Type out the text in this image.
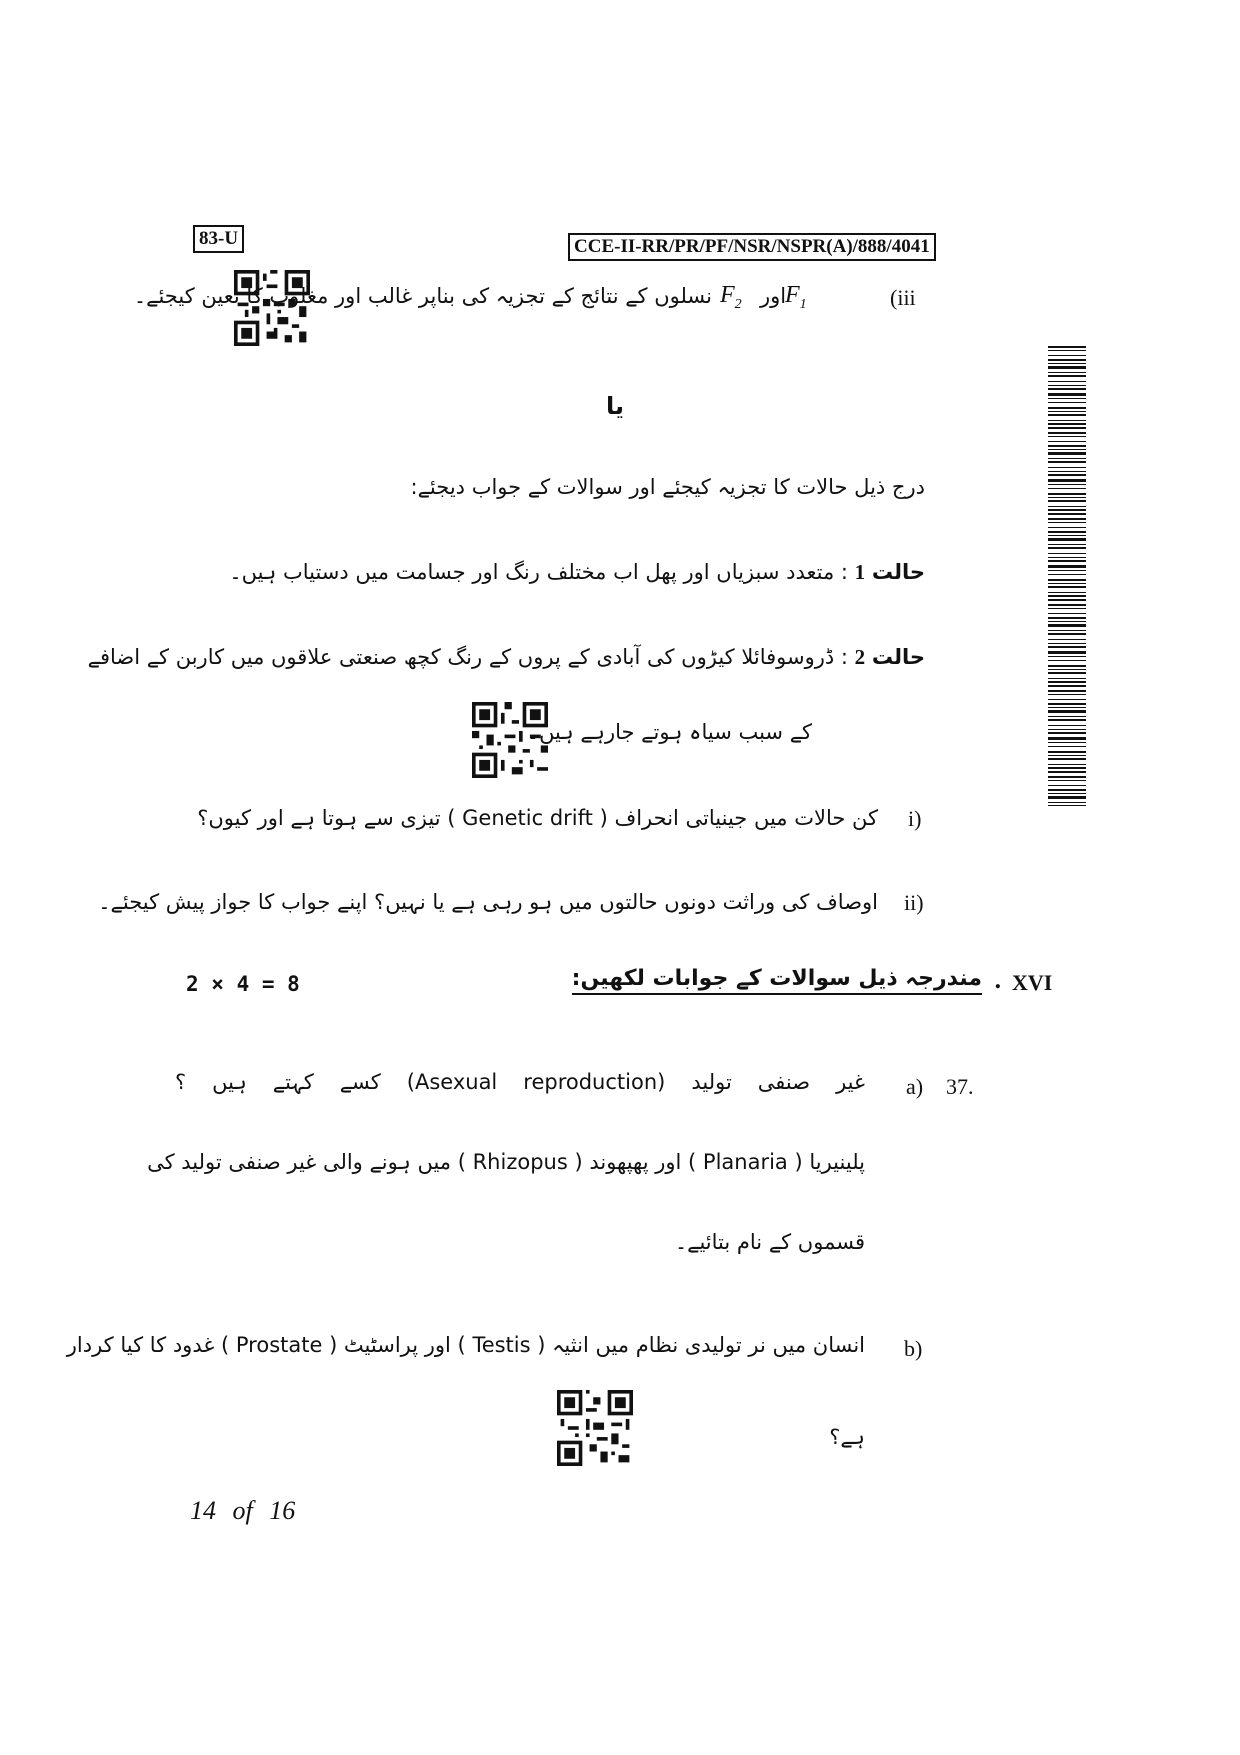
83-U	CCE-II-RR/PR/PF/NSR/NSPR(A)/888/4041
(iii
$F_1$
اور
$F_2$
نسلوں کے نتائج کے تجزیہ کی بناپر غالب اور مغلوب کا تعین کیجئے۔
یا
درج ذیل حالات کا تجزیہ کیجئے اور سوالات کے جواب دیجئے:
حالت 1 : متعدد سبزیاں اور پھل اب مختلف رنگ اور جسامت میں دستیاب ہیں۔
حالت 2 : ڈروسوفائلا کیڑوں کی آبادی کے پروں کے رنگ کچھ صنعتی علاقوں میں کاربن کے اضافے
کے سبب سیاہ ہوتے جارہے ہیں۔
i)
کن حالات میں جینیاتی انحراف ( Genetic drift ) تیزی سے ہوتا ہے اور کیوں؟
ii)
اوصاف کی وراثت دونوں حالتوں میں ہو رہی ہے یا نہیں؟ اپنے جواب کا جواز پیش کیجئے۔
2 × 4 = 8	XVI
.
مندرجہ ذیل سوالات کے جوابات لکھیں:
37.
a)
غیر صنفی تولید (Asexual reproduction) کسے کہتے ہیں ؟
پلینیریا ( Planaria ) اور پھپھوند ( Rhizopus ) میں ہونے والی غیر صنفی تولید کی
قسموں کے نام بتائیے۔
b)
انسان میں نر تولیدی نظام میں انثیہ ( Testis ) اور پراسٹیٹ ( Prostate ) غدود کا کیا کردار
ہے؟
14 of 16
